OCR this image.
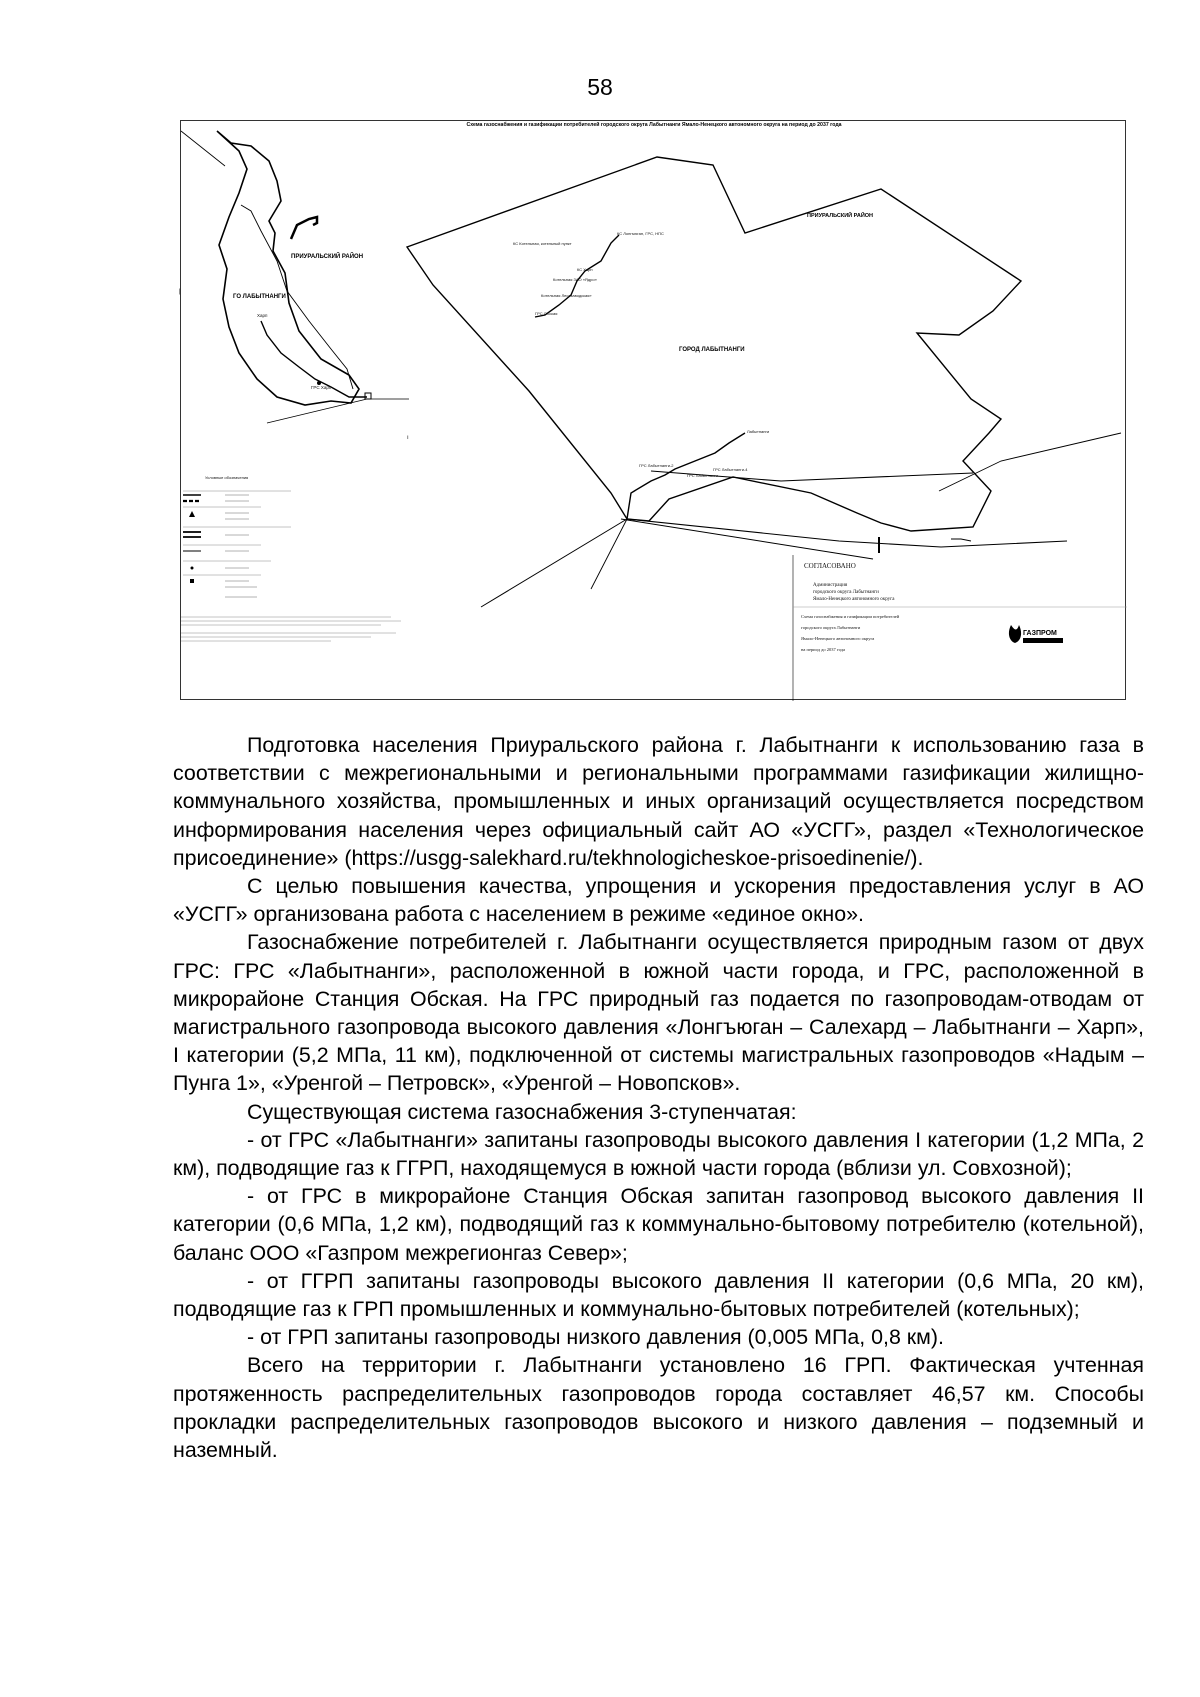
58
Схема газоснабжения и газификации потребителей городского округа Лабытнанги Ямало-Ненецкого автономного округа на период до 2037 года
ПРИУРАЛЬСКИЙ РАЙОН
ГО ЛАБЫТНАНГИ
Харп
ГРС Харп
|
ı
ПРИУРАЛЬСКИЙ РАЙОН
ГОРОД ЛАБЫТНАНГИ
КС Лонгъюган, ГРС, НПС
КС Харп
КС Котельная, котельный пункт
Котельная ЗАО «Ядро»
Котельная Лесозаводская»
ГРС Обская
Лабытнанги
ГРС Лабытнанги-2
ГРС Лабытнанги
ГРС Лабытнанги-4
Условные обозначения
СОГЛАСОВАНО
Администрация
городского округа Лабытнанги
Ямало-Ненецкого автономного округа
Схема газоснабжения и газификации потребителей
городского округа Лабытнанги
Ямало-Ненецкого автономного округа
на период до 2037 года
ГАЗПРОМ

Подготовка населения Приуральского района г. Лабытнанги к использованию газа в соответствии с межрегиональными и региональными программами газификации жилищно-коммунального хозяйства, промышленных и иных организаций осуществляется посредством информирования населения через официальный сайт АО «УСГГ», раздел «Технологическое присоединение» (https://usgg-salekhard.ru/tekhnologicheskoe-prisoedinenie/).

С целью повышения качества, упрощения и ускорения предоставления услуг в АО «УСГГ» организована работа с населением в режиме «единое окно».

Газоснабжение потребителей г. Лабытнанги осуществляется природным газом от двух ГРС: ГРС «Лабытнанги», расположенной в южной части города, и ГРС, расположенной в микрорайоне Станция Обская. На ГРС природный газ подается по газопроводам-отводам от магистрального газопровода высокого давления «Лонгъюган – Салехард – Лабытнанги – Харп», I категории (5,2 МПа, 11 км), подключенной от системы магистральных газопроводов «Надым – Пунга 1», «Уренгой – Петровск», «Уренгой – Новопсков».

Существующая система газоснабжения 3-ступенчатая:

- от ГРС «Лабытнанги» запитаны газопроводы высокого давления I категории (1,2 МПа, 2 км), подводящие газ к ГГРП, находящемуся в южной части города (вблизи ул. Совхозной);

- от ГРС в микрорайоне Станция Обская запитан газопровод высокого давления II категории (0,6 МПа, 1,2 км), подводящий газ к коммунально-бытовому потребителю (котельной), баланс ООО «Газпром межрегионгаз Север»;

- от ГГРП запитаны газопроводы высокого давления II категории (0,6 МПа, 20 км), подводящие газ к ГРП промышленных и коммунально-бытовых потребителей (котельных);

- от ГРП запитаны газопроводы низкого давления (0,005 МПа, 0,8 км).

Всего на территории г. Лабытнанги установлено 16 ГРП. Фактическая учтенная протяженность распределительных газопроводов города составляет 46,57 км. Способы прокладки распределительных газопроводов высокого и низкого давления – подземный и наземный.
